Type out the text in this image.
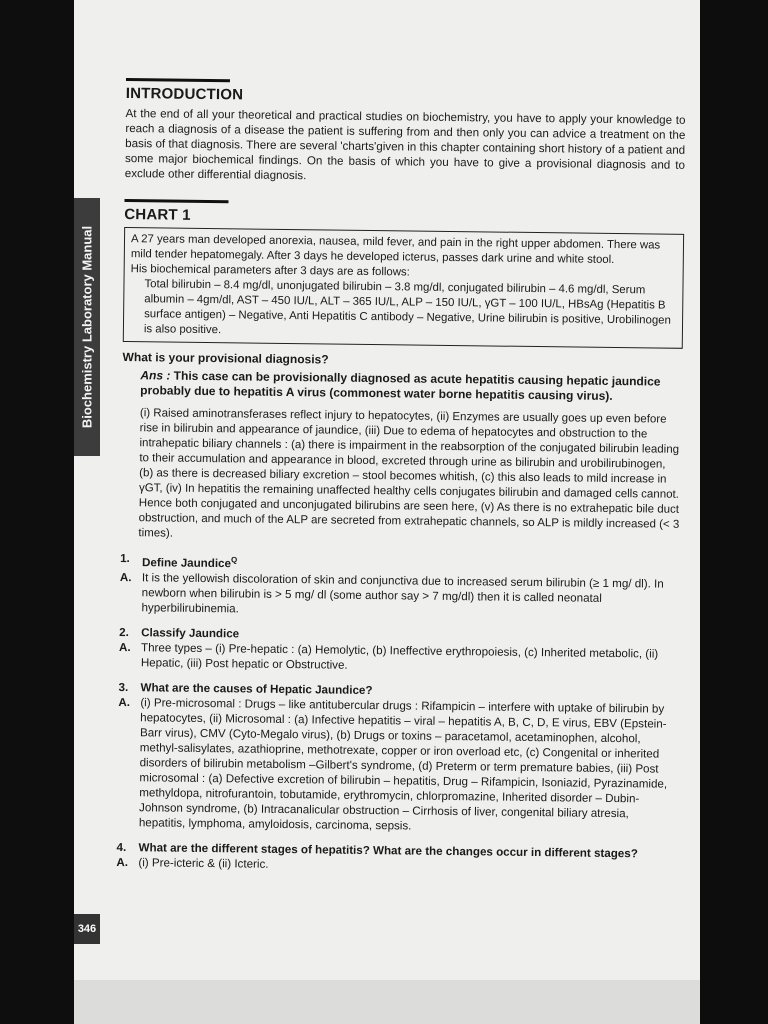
Biochemistry Laboratory Manual
346
INTRODUCTION

At the end of all your theoretical and practical studies on biochemistry, you have to apply your knowledge to reach a diagnosis of a disease the patient is suffering from and then only you can advice a treatment on the basis of that diagnosis. There are several 'charts'given in this chapter containing short history of a patient and some major biochemical findings. On the basis of which you have to give a provisional diagnosis and to exclude other differential diagnosis.

CHART 1
A 27 years man developed anorexia, nausea, mild fever, and pain in the right upper abdomen. There was mild tender hepatomegaly. After 3 days he developed icterus, passes dark urine and white stool.
His biochemical parameters after 3 days are as follows:
Total bilirubin – 8.4 mg/dl, unonjugated bilirubin – 3.8 mg/dl, conjugated bilirubin – 4.6 mg/dl, Serum albumin – 4gm/dl, AST – 450 IU/L, ALT – 365 IU/L, ALP – 150 IU/L, γGT – 100 IU/L, HBsAg (Hepatitis B surface antigen) – Negative, Anti Hepatitis C antibody – Negative, Urine bilirubin is positive, Urobilinogen is also positive.
What is your provisional diagnosis?
Ans : This case can be provisionally diagnosed as acute hepatitis causing hepatic jaundice probably due to hepatitis A virus (commonest water borne hepatitis causing virus).
(i) Raised aminotransferases reflect injury to hepatocytes, (ii) Enzymes are usually goes up even before rise in bilirubin and appearance of jaundice, (iii) Due to edema of hepatocytes and obstruction to the intrahepatic biliary channels : (a) there is impairment in the reabsorption of the conjugated bilirubin leading to their accumulation and appearance in blood, excreted through urine as bilirubin and urobilirubinogen, (b) as there is decreased biliary excretion – stool becomes whitish, (c) this also leads to mild increase in γGT, (iv) In hepatitis the remaining unaffected healthy cells conjugates bilirubin and damaged cells cannot. Hence both conjugated and unconjugated bilirubins are seen here, (v) As there is no extrahepatic bile duct obstruction, and much of the ALP are secreted from extrahepatic channels, so ALP is mildly increased (< 3 times).
1.	Define Jaundice$^Q$
A. It is the yellowish discoloration of skin and conjunctiva due to increased serum bilirubin (≥ 1 mg/ dl). In newborn when bilirubin is > 5 mg/ dl (some author say > 7 mg/dl) then it is called neonatal hyperbilirubinemia.
2.	Classify Jaundice
A. Three types – (i) Pre-hepatic : (a) Hemolytic, (b) Ineffective erythropoiesis, (c) Inherited metabolic, (ii) Hepatic, (iii) Post hepatic or Obstructive.
3.	What are the causes of Hepatic Jaundice?
A. (i) Pre-microsomal : Drugs – like antitubercular drugs : Rifampicin – interfere with uptake of bilirubin by hepatocytes, (ii) Microsomal : (a) Infective hepatitis – viral – hepatitis A, B, C, D, E virus, EBV (Epstein-Barr virus), CMV (Cyto-Megalo virus), (b) Drugs or toxins – paracetamol, acetaminophen, alcohol, methyl-salisylates, azathioprine, methotrexate, copper or iron overload etc, (c) Congenital or inherited disorders of bilirubin metabolism –Gilbert's syndrome, (d) Preterm or term premature babies, (iii) Post microsomal : (a) Defective excretion of bilirubin – hepatitis, Drug – Rifampicin, Isoniazid, Pyrazinamide, methyldopa, nitrofurantoin, tobutamide, erythromycin, chlorpromazine, Inherited disorder – Dubin-Johnson syndrome, (b) Intracanalicular obstruction – Cirrhosis of liver, congenital biliary atresia, hepatitis, lymphoma, amyloidosis, carcinoma, sepsis.
4.	What are the different stages of hepatitis? What are the changes occur in different stages?
A. (i) Pre-icteric & (ii) Icteric.
